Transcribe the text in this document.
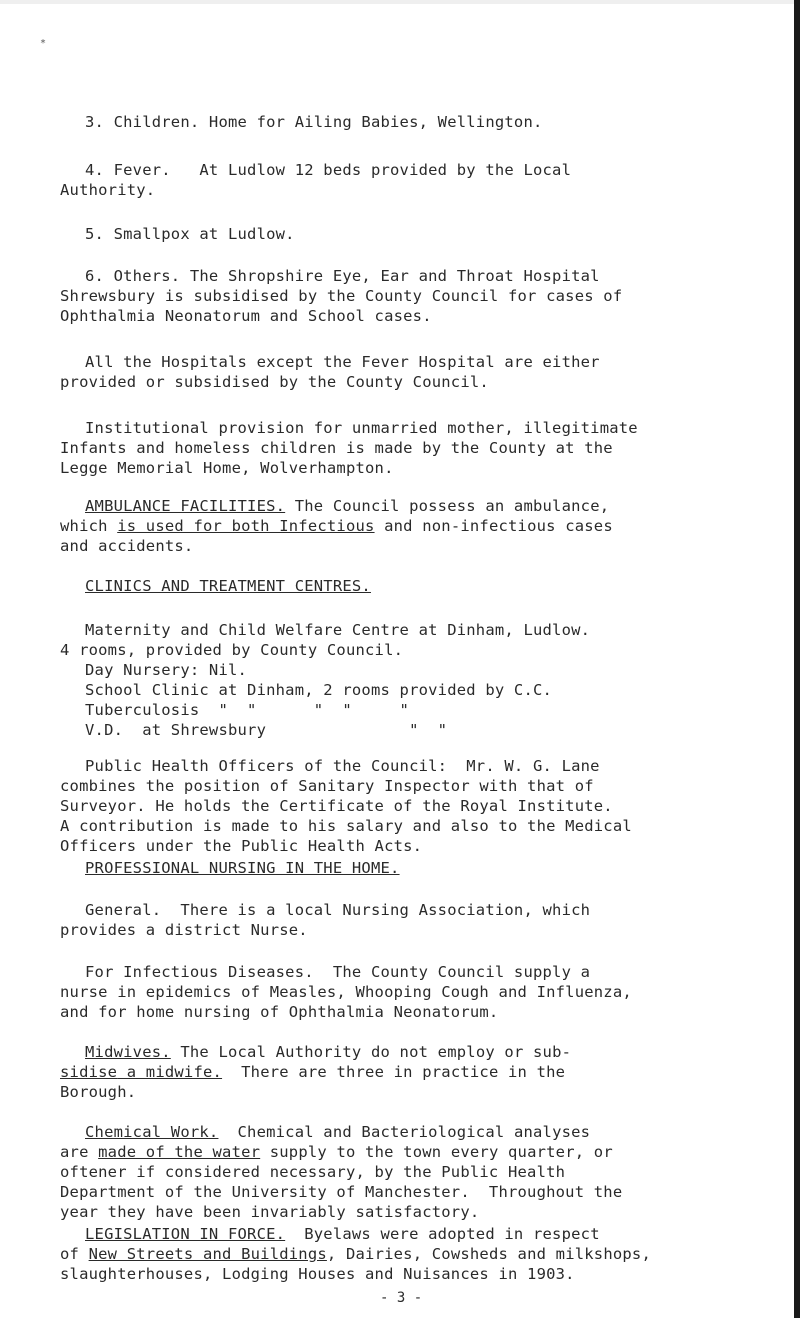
*
3. Children. Home for Ailing Babies, Wellington.
4. Fever.   At Ludlow 12 beds provided by the Local
Authority.
5. Smallpox at Ludlow.
6. Others. The Shropshire Eye, Ear and Throat Hospital
Shrewsbury is subsidised by the County Council for cases of
Ophthalmia Neonatorum and School cases.
All the Hospitals except the Fever Hospital are either
provided or subsidised by the County Council.
Institutional provision for unmarried mother, illegitimate
Infants and homeless children is made by the County at the
Legge Memorial Home, Wolverhampton.
AMBULANCE FACILITIES. The Council possess an ambulance,
which is used for both Infectious and non-infectious cases
and accidents.
CLINICS AND TREATMENT CENTRES.
Maternity and Child Welfare Centre at Dinham, Ludlow.
4 rooms, provided by County Council.
Day Nursery: Nil.
School Clinic at Dinham, 2 rooms provided by C.C.
Tuberculosis  "  "      "  "     "
V.D.  at Shrewsbury               "  "
Public Health Officers of the Council:  Mr. W. G. Lane
combines the position of Sanitary Inspector with that of
Surveyor. He holds the Certificate of the Royal Institute.
A contribution is made to his salary and also to the Medical
Officers under the Public Health Acts.
PROFESSIONAL NURSING IN THE HOME.
General.  There is a local Nursing Association, which
provides a district Nurse.
For Infectious Diseases.  The County Council supply a
nurse in epidemics of Measles, Whooping Cough and Influenza,
and for home nursing of Ophthalmia Neonatorum.
Midwives. The Local Authority do not employ or sub-
sidise a midwife.  There are three in practice in the
Borough.
Chemical Work.  Chemical and Bacteriological analyses
are made of the water supply to the town every quarter, or
oftener if considered necessary, by the Public Health
Department of the University of Manchester.  Throughout the
year they have been invariably satisfactory.
LEGISLATION IN FORCE.  Byelaws were adopted in respect
of New Streets and Buildings, Dairies, Cowsheds and milkshops,
slaughterhouses, Lodging Houses and Nuisances in 1903.
- 3 -
